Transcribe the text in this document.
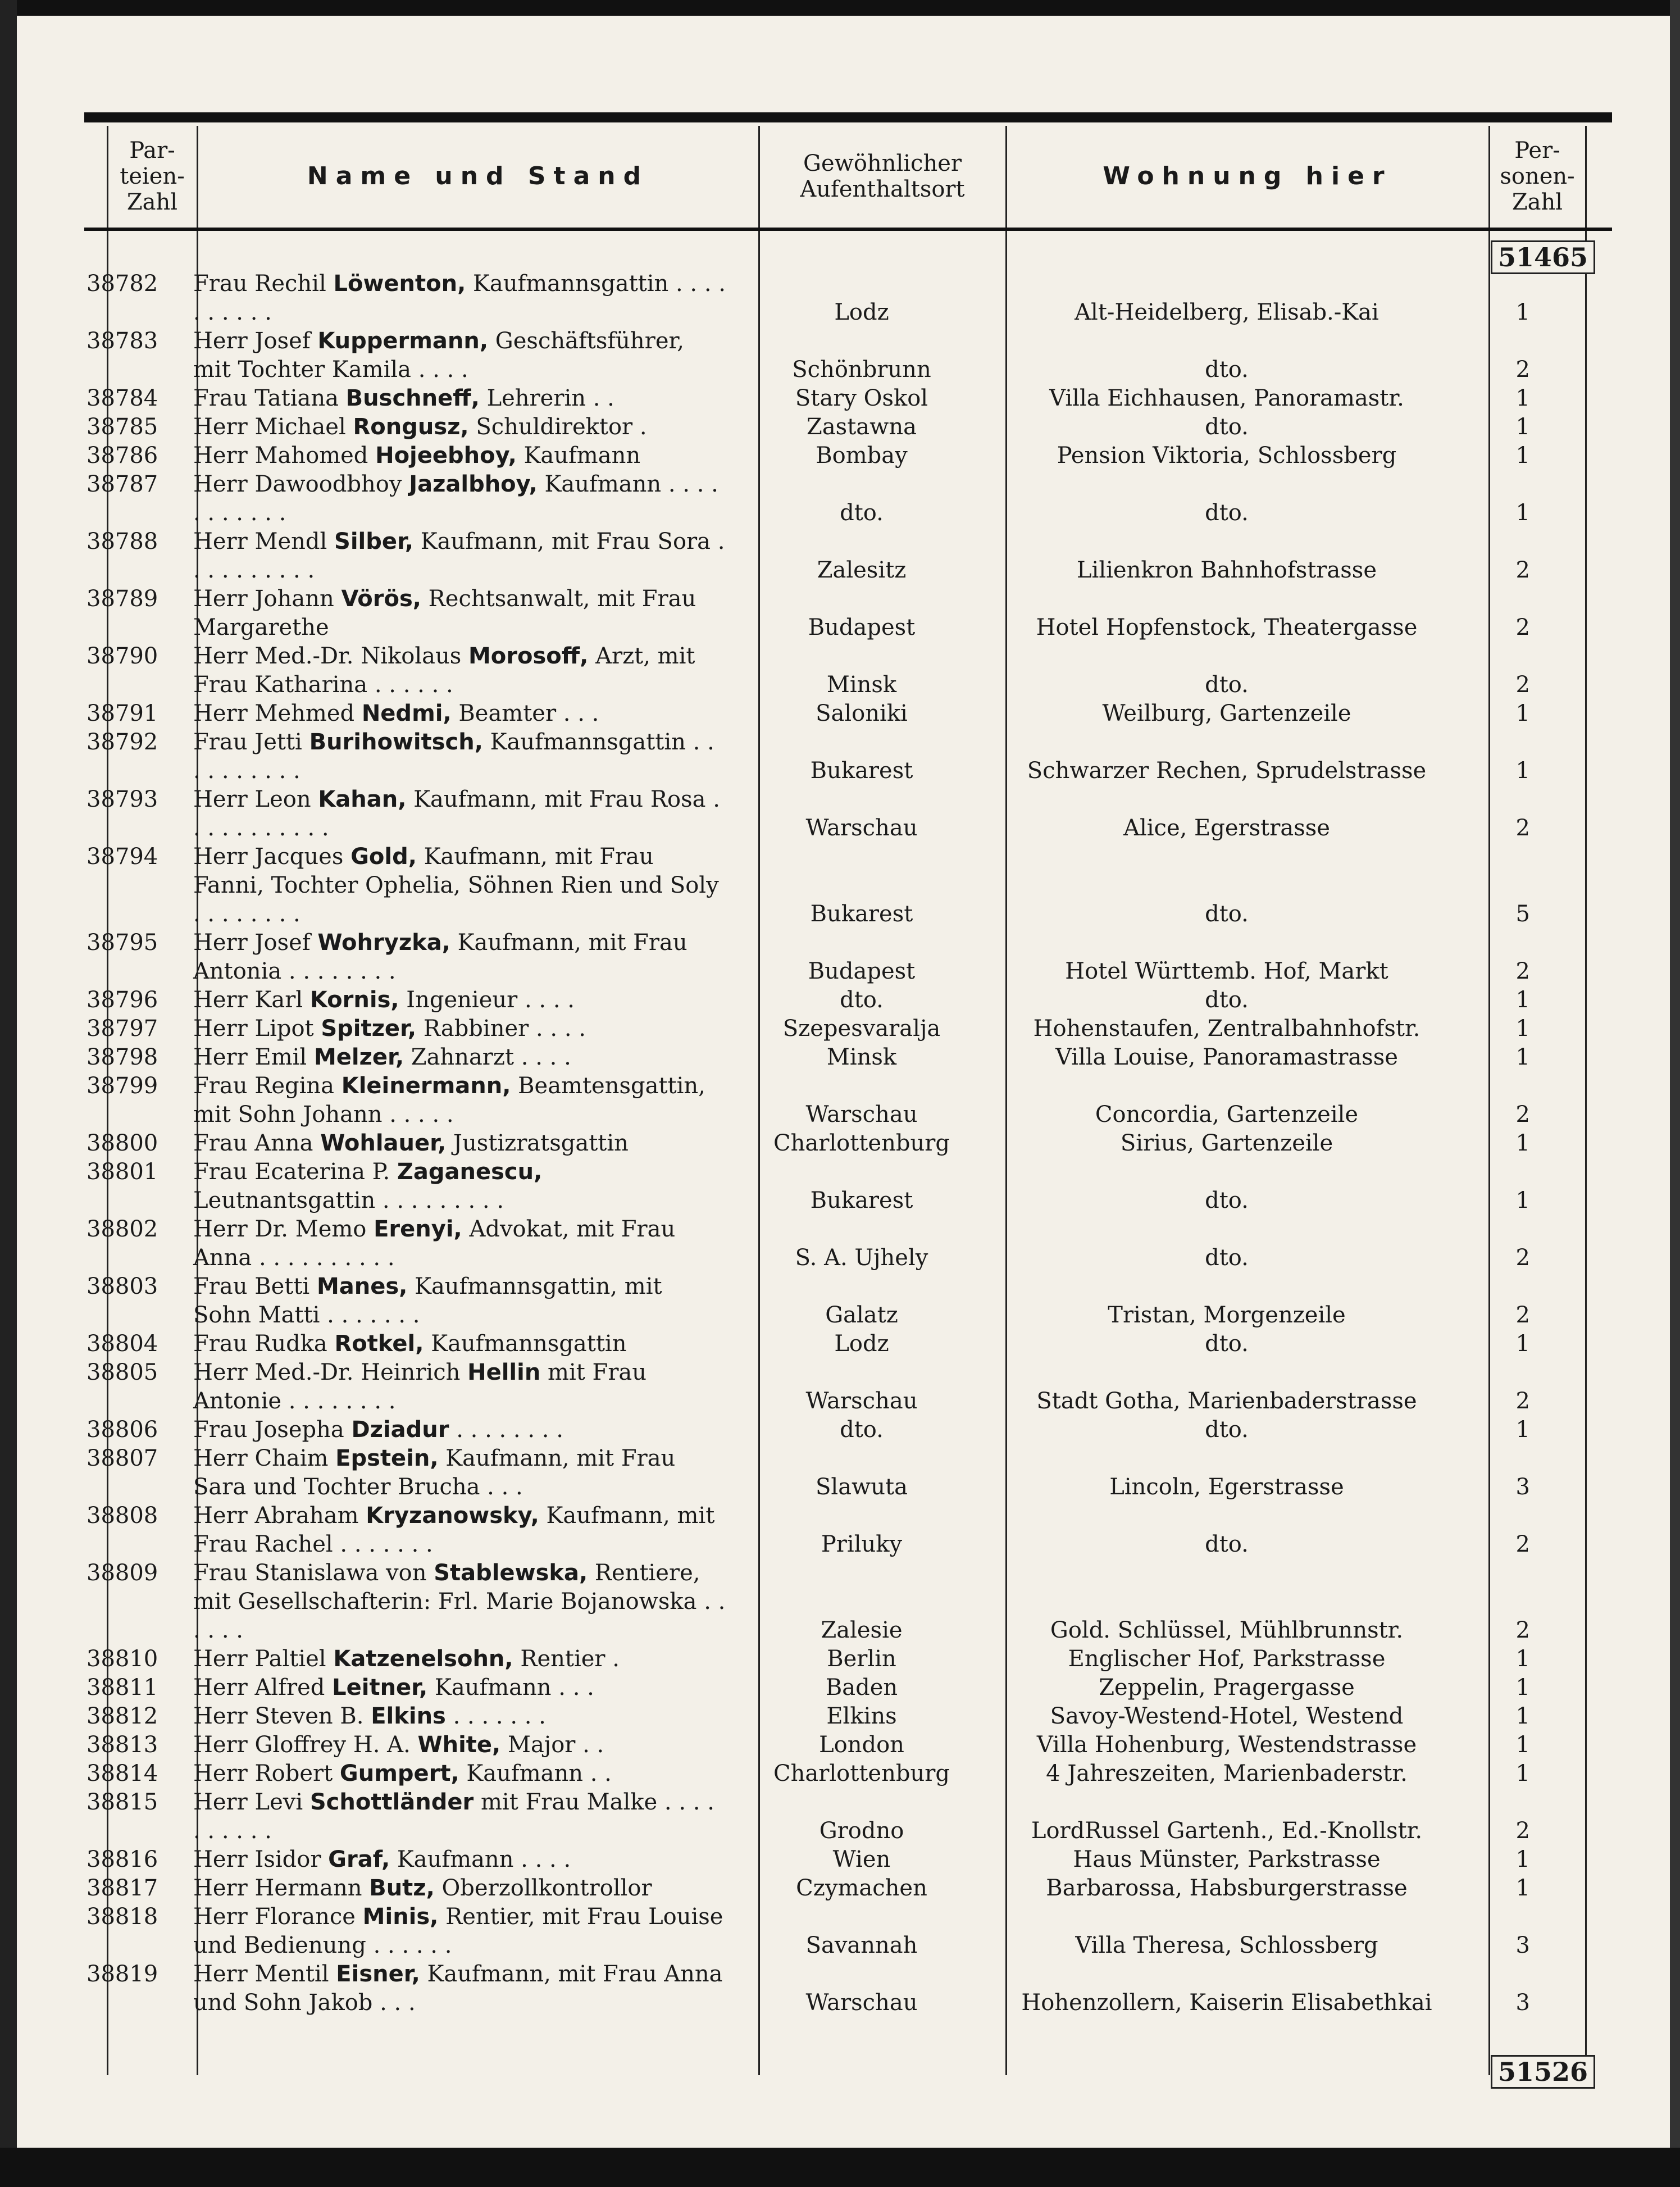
Par- teien- Zahl
Name und Stand	Gewöhnlicher Aufenthaltsort	Wohnung hier
Per- sonen- Zahl
51465
38782	Frau Rechil Löwenton, Kaufmannsgattin . . . . . . . . . .	Lodz	Alt-Heidelberg, Elisab.-Kai	1
38783	Herr Josef Kuppermann, Geschäftsführer, mit Tochter Kamila . . . .	Schönbrunn	dto.	2
38784	Frau Tatiana Buschneff, Lehrerin . .	Stary Oskol	Villa Eichhausen, Panoramastr.	1
38785	Herr Michael Rongusz, Schuldirektor .	Zastawna	dto.	1
38786	Herr Mahomed Hojeebhoy, Kaufmann	Bombay	Pension Viktoria, Schlossberg	1
38787	Herr Dawoodbhoy Jazalbhoy, Kaufmann . . . . . . . . . . .	dto.	dto.	1
38788	Herr Mendl Silber, Kaufmann, mit Frau Sora . . . . . . . . . .	Zalesitz	Lilienkron Bahnhofstrasse	2
38789	Herr Johann Vörös, Rechtsanwalt, mit Frau Margarethe	Budapest	Hotel Hopfenstock, Theatergasse	2
38790	Herr Med.-Dr. Nikolaus Morosoff, Arzt, mit Frau Katharina . . . . . .	Minsk	dto.	2
38791	Herr Mehmed Nedmi, Beamter . . .	Saloniki	Weilburg, Gartenzeile	1
38792	Frau Jetti Burihowitsch, Kaufmannsgattin . . . . . . . . . .	Bukarest	Schwarzer Rechen, Sprudelstrasse	1
38793	Herr Leon Kahan, Kaufmann, mit Frau Rosa . . . . . . . . . . .	Warschau	Alice, Egerstrasse	2
38794	Herr Jacques Gold, Kaufmann, mit Frau Fanni, Tochter Ophelia, Söhnen Rien und Soly . . . . . . . .	Bukarest	dto.	5
38795	Herr Josef Wohryzka, Kaufmann, mit Frau Antonia . . . . . . . .	Budapest	Hotel Württemb. Hof, Markt	2
38796	Herr Karl Kornis, Ingenieur . . . .	dto.	dto.	1
38797	Herr Lipot Spitzer, Rabbiner . . . .	Szepesvaralja	Hohenstaufen, Zentralbahnhofstr.	1
38798	Herr Emil Melzer, Zahnarzt . . . .	Minsk	Villa Louise, Panoramastrasse	1
38799	Frau Regina Kleinermann, Beamtensgattin, mit Sohn Johann . . . . .	Warschau	Concordia, Gartenzeile	2
38800	Frau Anna Wohlauer, Justizratsgattin	Charlottenburg	Sirius, Gartenzeile	1
38801	Frau Ecaterina P. Zaganescu, Leutnantsgattin . . . . . . . . .	Bukarest	dto.	1
38802	Herr Dr. Memo Erenyi, Advokat, mit Frau Anna . . . . . . . . . .	S. A. Ujhely	dto.	2
38803	Frau Betti Manes, Kaufmannsgattin, mit Sohn Matti . . . . . . .	Galatz	Tristan, Morgenzeile	2
38804	Frau Rudka Rotkel, Kaufmannsgattin	Lodz	dto.	1
38805	Herr Med.-Dr. Heinrich Hellin mit Frau Antonie . . . . . . . .	Warschau	Stadt Gotha, Marienbaderstrasse	2
38806	Frau Josepha Dziadur . . . . . . . .	dto.	dto.	1
38807	Herr Chaim Epstein, Kaufmann, mit Frau Sara und Tochter Brucha . . .	Slawuta	Lincoln, Egerstrasse	3
38808	Herr Abraham Kryzanowsky, Kaufmann, mit Frau Rachel . . . . . . .	Priluky	dto.	2
38809	Frau Stanislawa von Stablewska, Rentiere, mit Gesellschafterin: Frl. Marie Bojanowska . . . . . .	Zalesie	Gold. Schlüssel, Mühlbrunnstr.	2
38810	Herr Paltiel Katzenelsohn, Rentier .	Berlin	Englischer Hof, Parkstrasse	1
38811	Herr Alfred Leitner, Kaufmann . . .	Baden	Zeppelin, Pragergasse	1
38812	Herr Steven B. Elkins . . . . . . .	Elkins	Savoy-Westend-Hotel, Westend	1
38813	Herr Gloffrey H. A. White, Major . .	London	Villa Hohenburg, Westendstrasse	1
38814	Herr Robert Gumpert, Kaufmann . .	Charlottenburg	4 Jahreszeiten, Marienbaderstr.	1
38815	Herr Levi Schottländer mit Frau Malke . . . . . . . . . .	Grodno	LordRussel Gartenh., Ed.-Knollstr.	2
38816	Herr Isidor Graf, Kaufmann . . . .	Wien	Haus Münster, Parkstrasse	1
38817	Herr Hermann Butz, Oberzollkontrollor	Czymachen	Barbarossa, Habsburgerstrasse	1
38818	Herr Florance Minis, Rentier, mit Frau Louise und Bedienung . . . . . .	Savannah	Villa Theresa, Schlossberg	3
38819	Herr Mentil Eisner, Kaufmann, mit Frau Anna und Sohn Jakob . . .	Warschau	Hohenzollern, Kaiserin Elisabethkai	3
51526
